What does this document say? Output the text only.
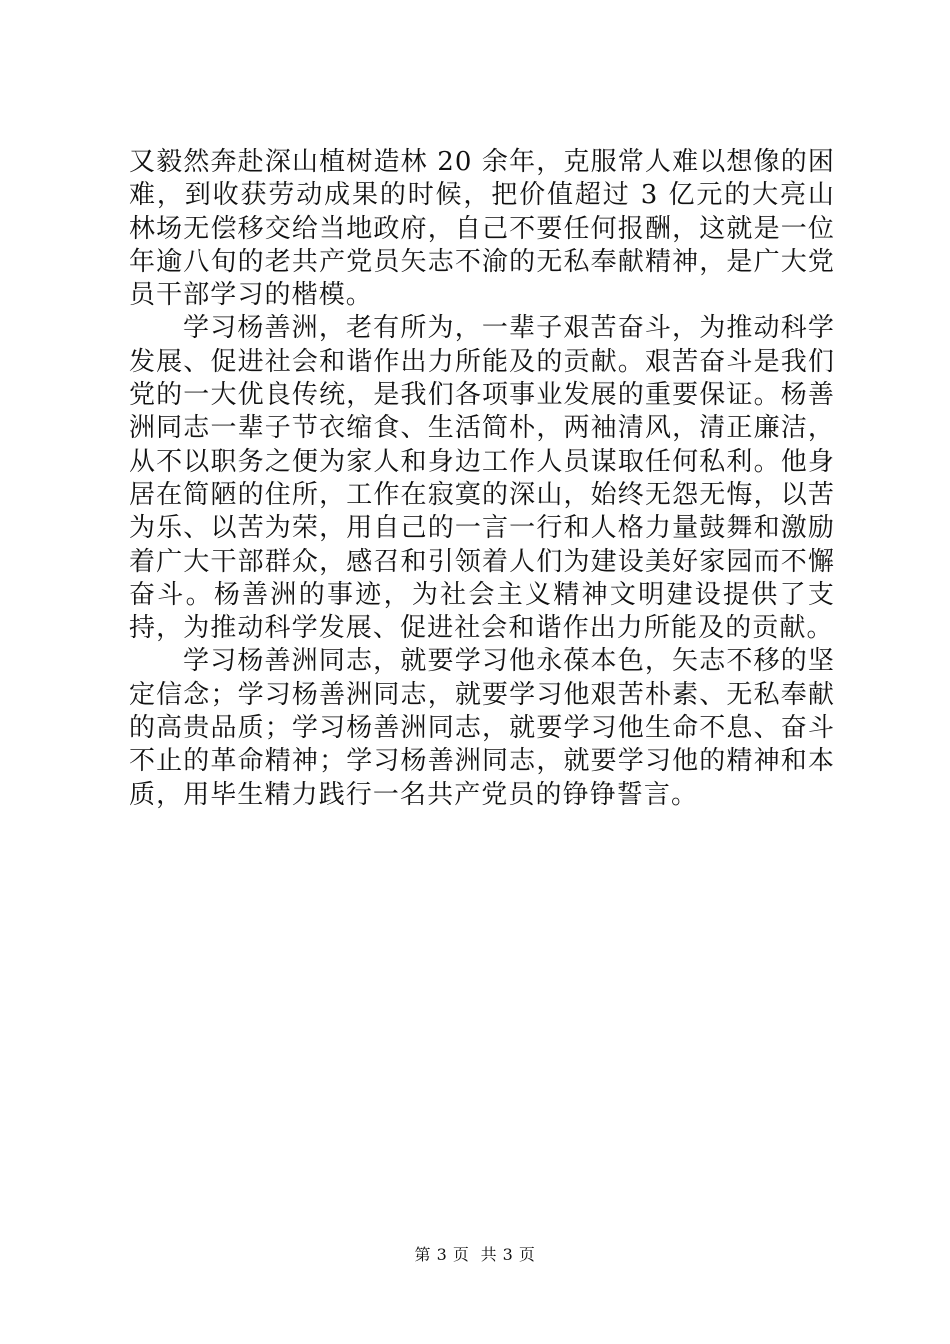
又毅然奔赴深山植树造林 20 余年，克服常人难以想像的困难，到收获劳动成果的时候，把价值超过 3 亿元的大亮山林场无偿移交给当地政府，自己不要任何报酬，这就是一位年逾八旬的老共产党员矢志不渝的无私奉献精神，是广大党员干部学习的楷模。

学习杨善洲，老有所为，一辈子艰苦奋斗，为推动科学发展、促进社会和谐作出力所能及的贡献。艰苦奋斗是我们党的一大优良传统，是我们各项事业发展的重要保证。杨善洲同志一辈子节衣缩食、生活简朴，两袖清风，清正廉洁，从不以职务之便为家人和身边工作人员谋取任何私利。他身居在简陋的住所，工作在寂寞的深山，始终无怨无悔，以苦为乐、以苦为荣，用自己的一言一行和人格力量鼓舞和激励着广大干部群众，感召和引领着人们为建设美好家园而不懈奋斗。杨善洲的事迹，为社会主义精神文明建设提供了支持，为推动科学发展、促进社会和谐作出力所能及的贡献。

学习杨善洲同志，就要学习他永葆本色，矢志不移的坚定信念；学习杨善洲同志，就要学习他艰苦朴素、无私奉献的高贵品质；学习杨善洲同志，就要学习他生命不息、奋斗不止的革命精神；学习杨善洲同志，就要学习他的精神和本质，用毕生精力践行一名共产党员的铮铮誓言。

第 3 页 共 3 页
